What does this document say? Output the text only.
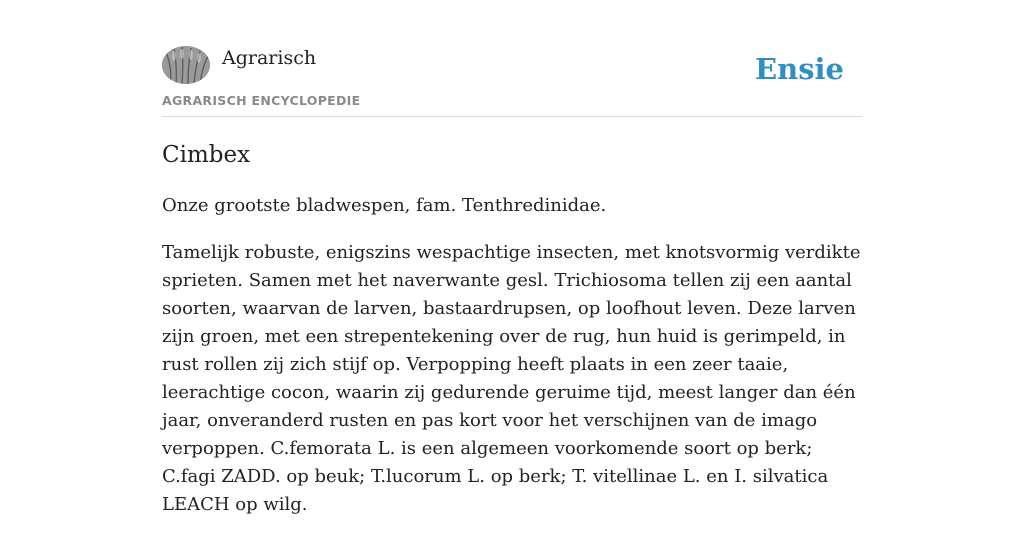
Agrarisch
AGRARISCH ENCYCLOPEDIE
Ensie
Cimbex

Onze grootste bladwespen, fam. Tenthredinidae.

Tamelijk robuste, enigszins wespachtige insecten, met knotsvormig verdikte sprieten. Samen met het naverwante gesl. Trichiosoma tellen zij een aantal soorten, waarvan de larven, bastaardrupsen, op loofhout leven. Deze larven zijn groen, met een strepentekening over de rug, hun huid is gerimpeld, in rust rollen zij zich stijf op. Verpopping heeft plaats in een zeer taaie, leerachtige cocon, waarin zij gedurende geruime tijd, meest langer dan één jaar, onveranderd rusten en pas kort voor het verschijnen van de imago verpoppen. C.femorata L. is een algemeen voorkomende soort op berk; C.fagi ZADD. op beuk; T.lucorum L. op berk; T. vitellinae L. en I. silvatica LEACH op wilg.
